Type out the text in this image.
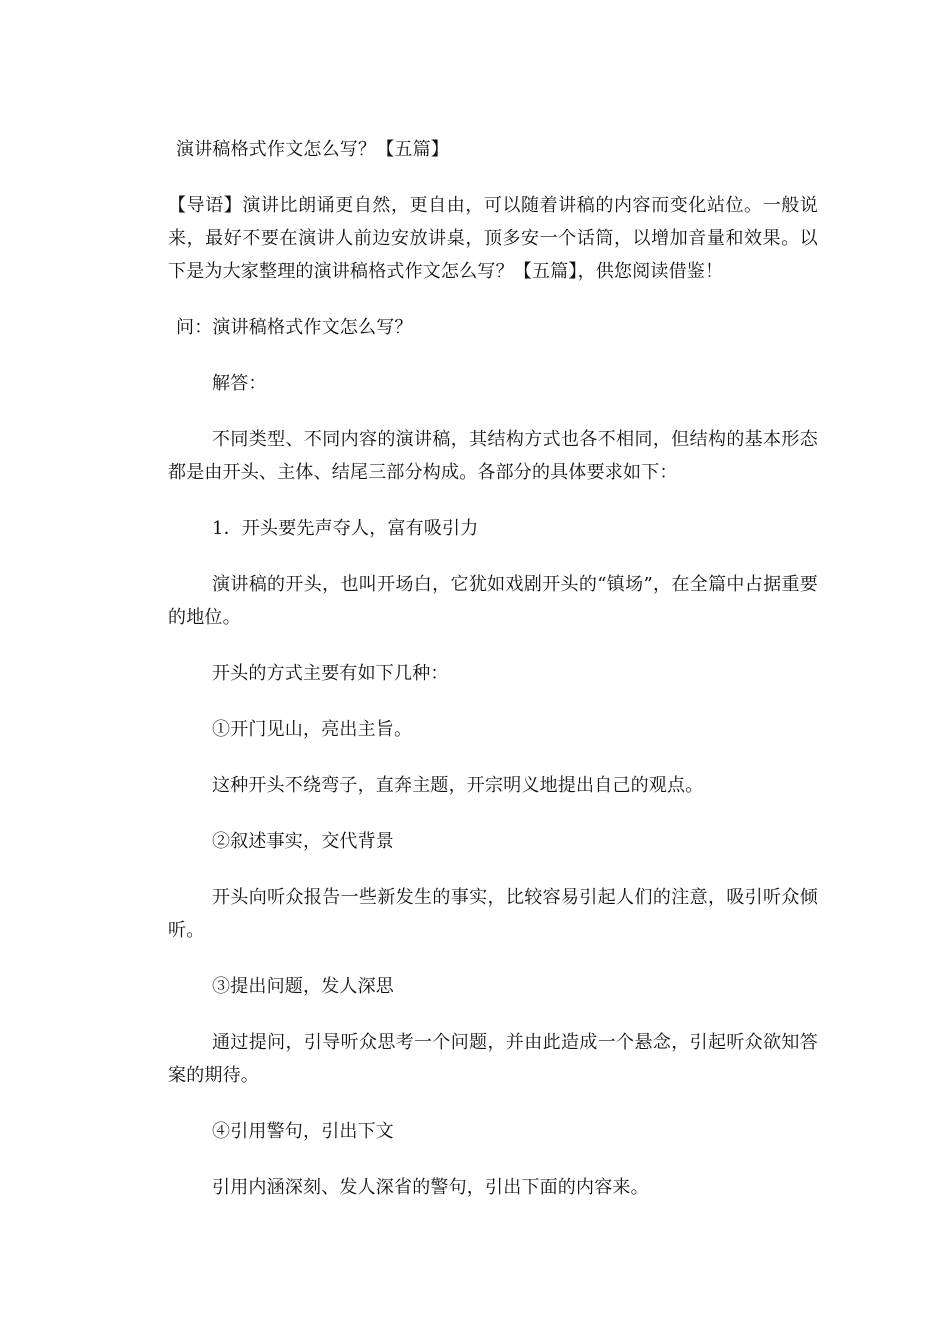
演讲稿格式作文怎么写？【五篇】

【导语】演讲比朗诵更自然，更自由，可以随着讲稿的内容而变化站位。一般说来，最好不要在演讲人前边安放讲桌，顶多安一个话筒，以增加音量和效果。以下是为大家整理的演讲稿格式作文怎么写？【五篇】，供您阅读借鉴！

问：演讲稿格式作文怎么写？

解答：

不同类型、不同内容的演讲稿，其结构方式也各不相同，但结构的基本形态都是由开头、主体、结尾三部分构成。各部分的具体要求如下：

1．开头要先声夺人，富有吸引力

演讲稿的开头，也叫开场白，它犹如戏剧开头的“镇场”，在全篇中占据重要的地位。

开头的方式主要有如下几种：

①开门见山，亮出主旨。

这种开头不绕弯子，直奔主题，开宗明义地提出自己的观点。

②叙述事实，交代背景

开头向听众报告一些新发生的事实，比较容易引起人们的注意，吸引听众倾听。

③提出问题，发人深思

通过提问，引导听众思考一个问题，并由此造成一个悬念，引起听众欲知答案的期待。

④引用警句，引出下文

引用内涵深刻、发人深省的警句，引出下面的内容来。
